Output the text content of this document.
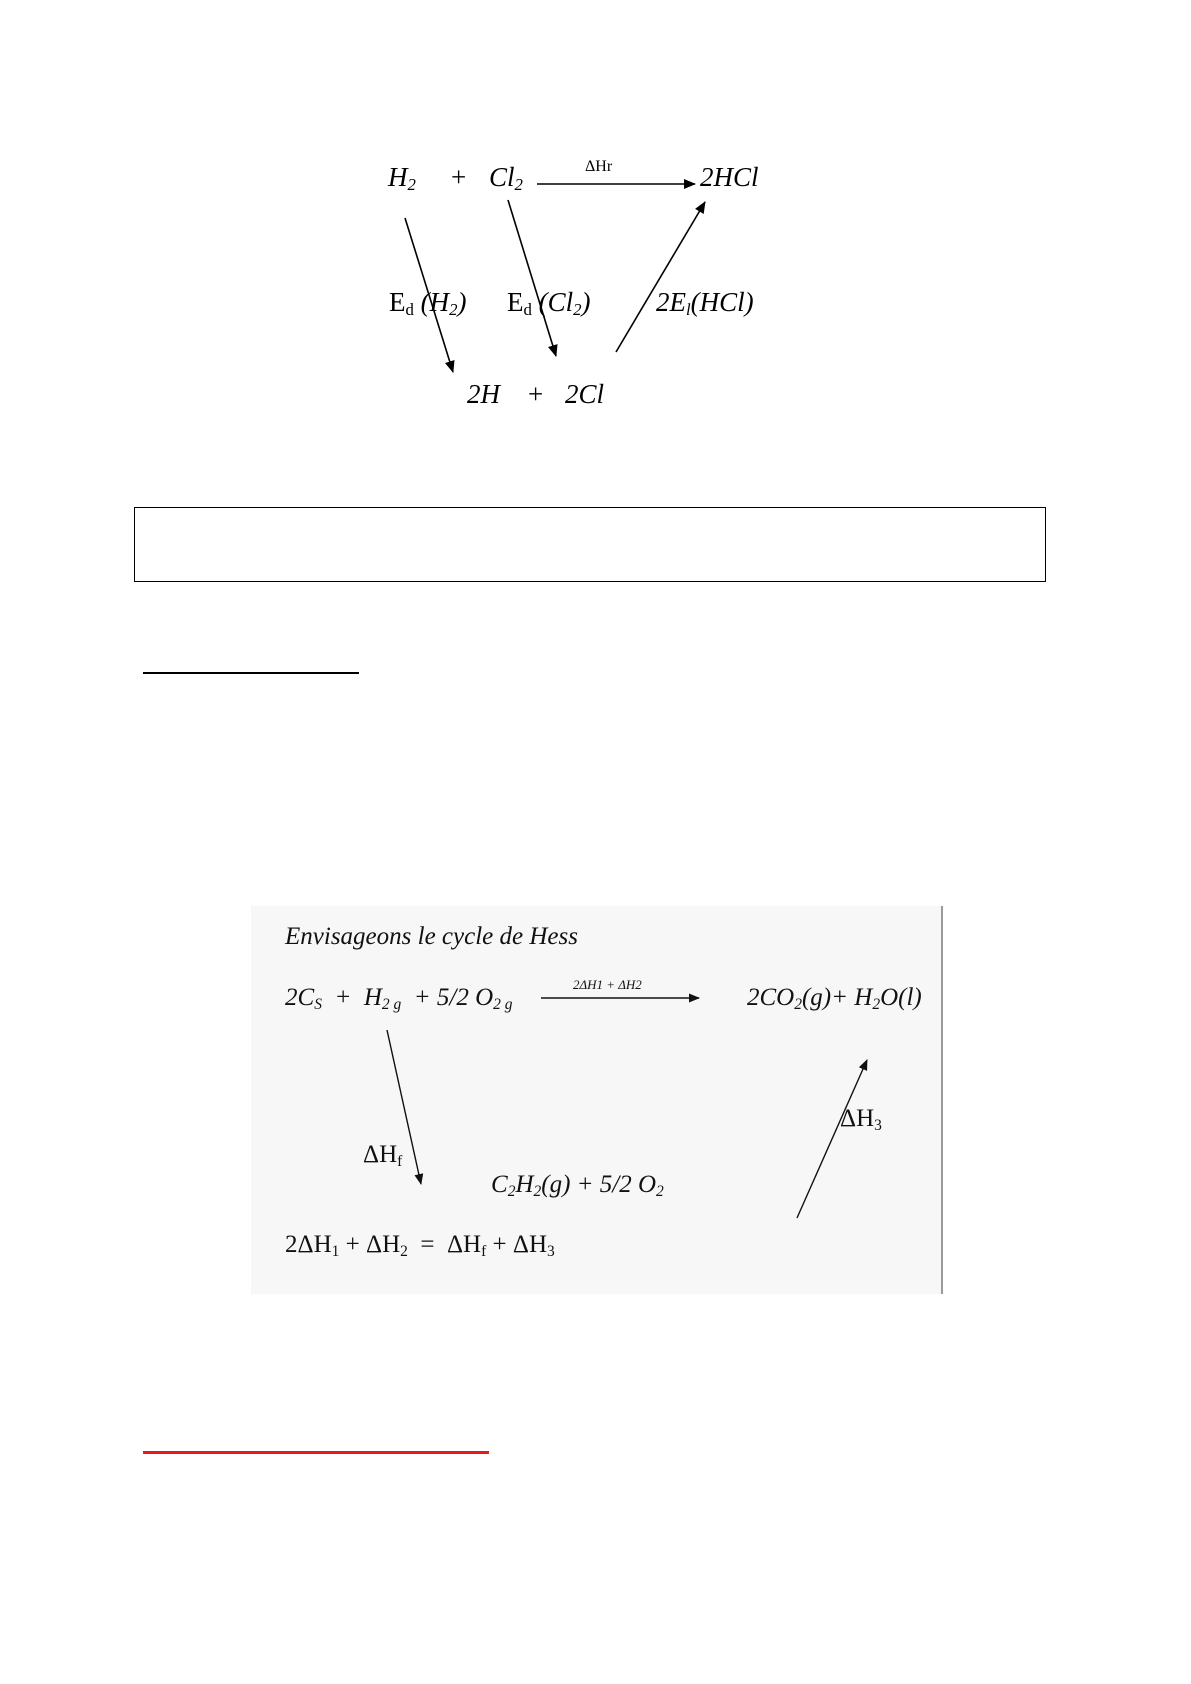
$H_2 + Cl_2$
ΔHr	2HCl
$E_d$ $(H_2)$ $E_d$ $(Cl_2)$ $2E_l(HCl)$
2H + 2Cl
Envisageons le cycle de Hess
$2C_S + H_{2 g} + 5/2$ $O_{2 g}$
2ΔH1 + ΔH2	$2CO_2(g)+ H_2O(l)$
$\Delta H_f$
$C_2H_2(g) + 5/2$ $O_2$
$\Delta H_3$
$2\Delta H_1 + \Delta H_2 = \Delta H_f + \Delta H_3$
